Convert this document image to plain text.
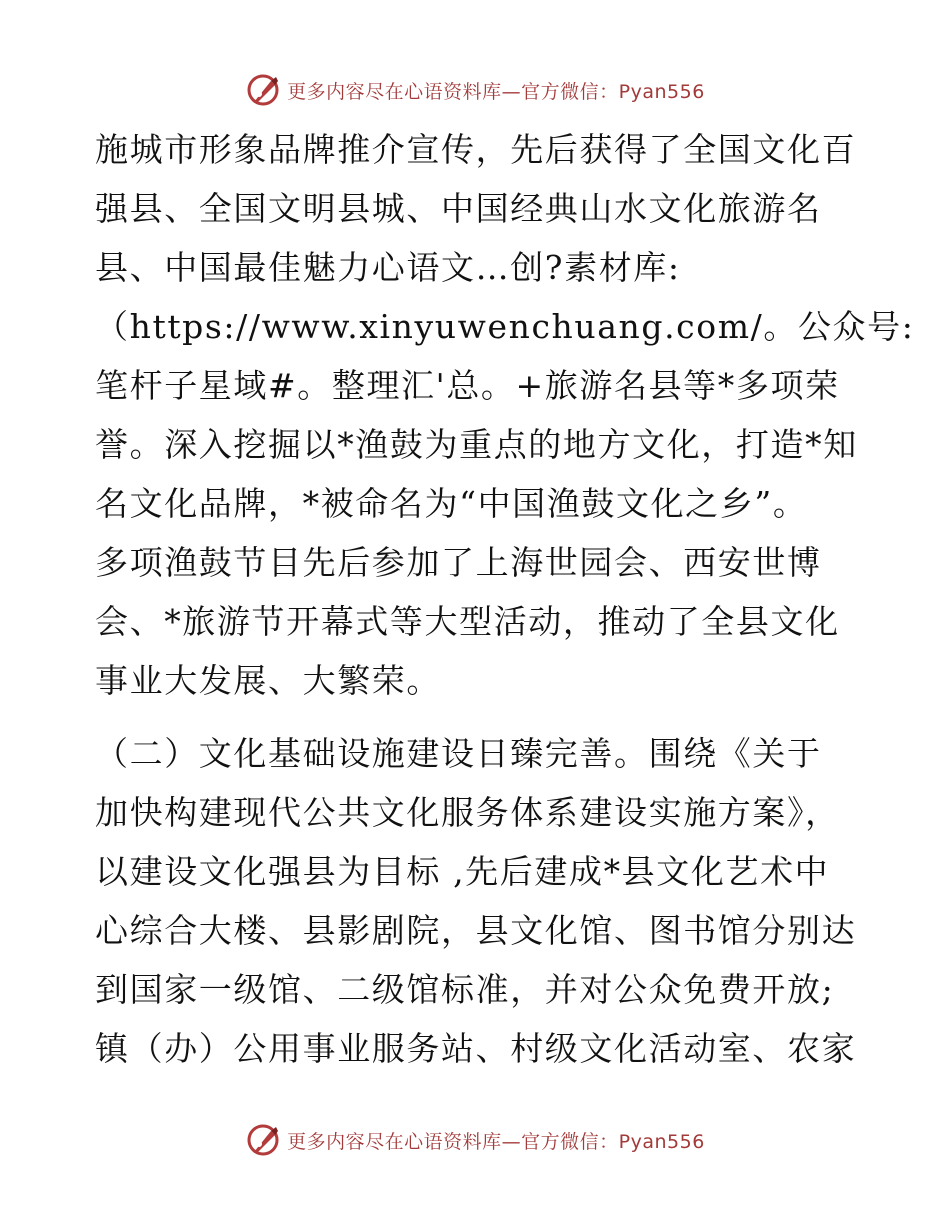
更多内容尽在心语资料库—官方微信：Pyan556
施城市形象品牌推介宣传，先后获得了全国文化百
强县、全国文明县城、中国经典山水文化旅游名
县、中国最佳魅力心语文…创?素材库:
（https://www.xinyuwenchuang.com/。公众号:
笔杆子星域#。整理汇'总。+旅游名县等*多项荣
誉。深入挖掘以*渔鼓为重点的地方文化，打造*知
名文化品牌，*被命名为“中国渔鼓文化之乡”。
多项渔鼓节目先后参加了上海世园会、西安世博
会、*旅游节开幕式等大型活动，推动了全县文化
事业大发展、大繁荣。
（二）文化基础设施建设日臻完善。围绕《关于
加快构建现代公共文化服务体系建设实施方案》，
以建设文化强县为目标 ,先后建成*县文化艺术中
心综合大楼、县影剧院，县文化馆、图书馆分别达
到国家一级馆、二级馆标准，并对公众免费开放;
镇（办）公用事业服务站、村级文化活动室、农家
更多内容尽在心语资料库—官方微信：Pyan556
